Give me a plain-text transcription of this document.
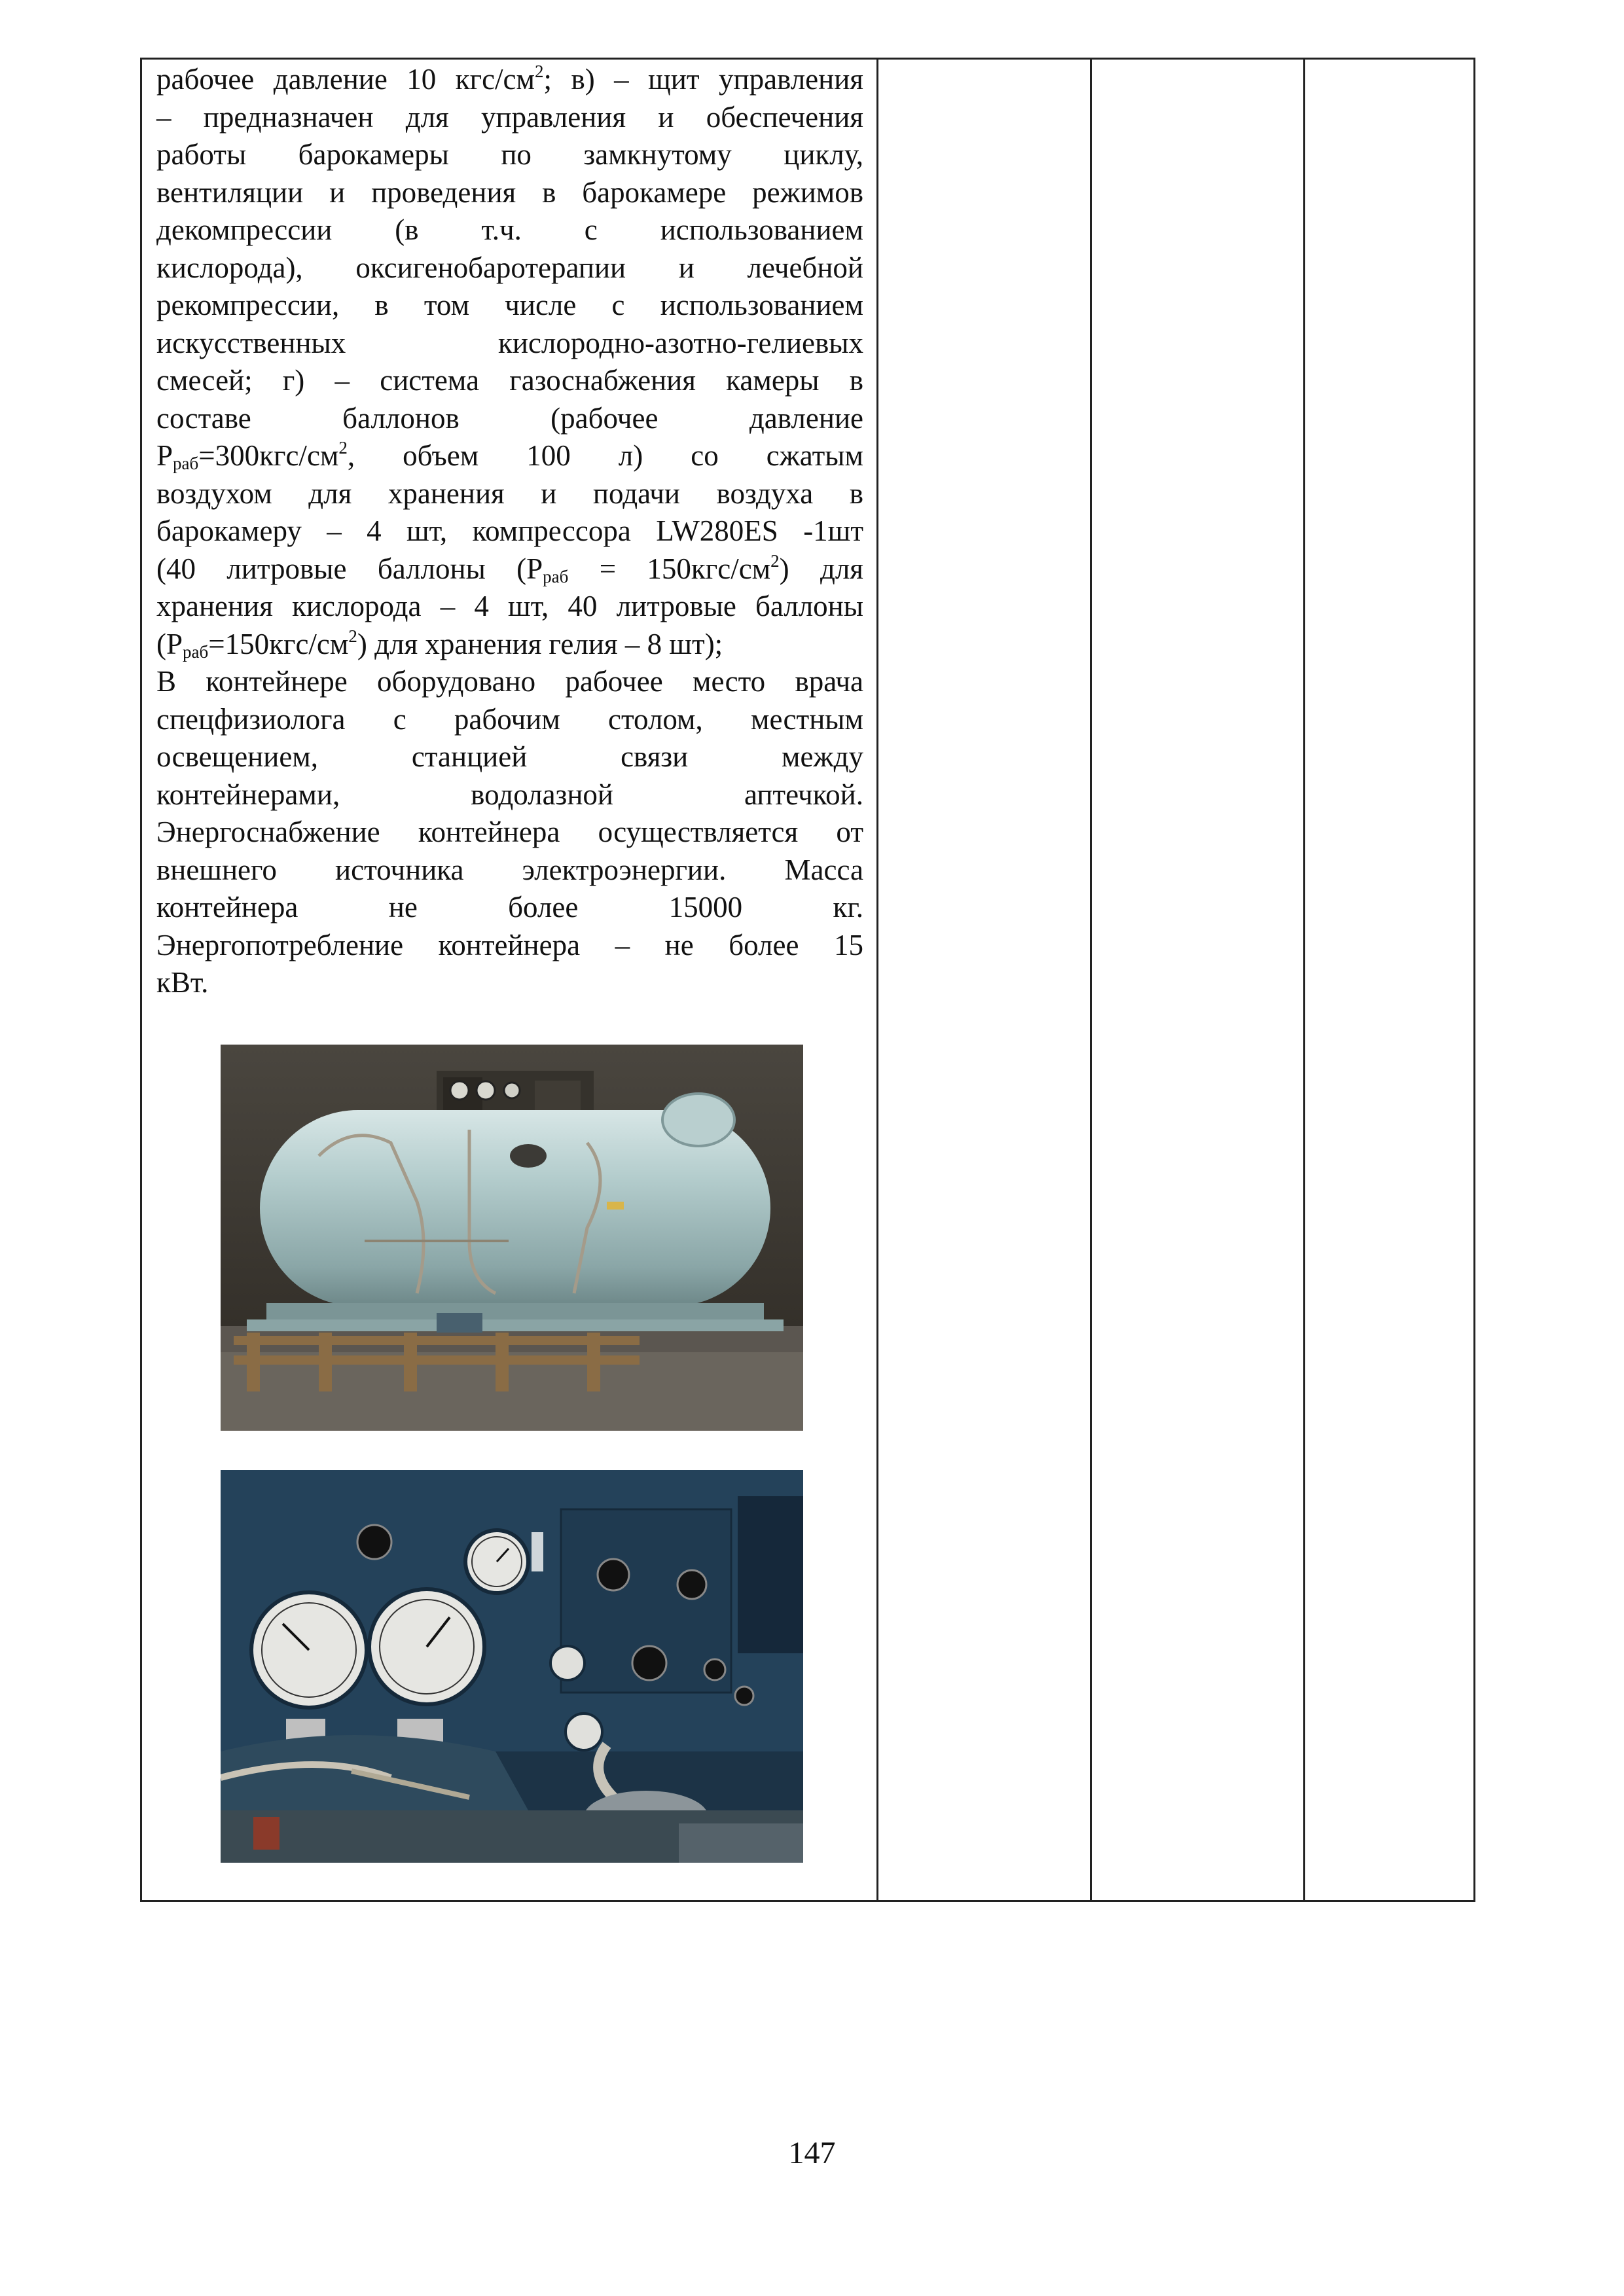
рабочее давление 10 кгс/$см^2$; в) – щит управления
– предназначен для управления и обеспечения
работы барокамеры по замкнутому циклу,
вентиляции и проведения в барокамере режимов
декомпрессии (в т.ч. с использованием
кислорода), оксигенобаротерапии и лечебной
рекомпрессии, в том числе с использованием
искусственных кислородно-азотно-гелиевых
смесей; г) – система газоснабжения камеры в
составе баллонов (рабочее давление
$Р_{раб}=300кгс/см^2$, объем 100 л) со сжатым
воздухом для хранения и подачи воздуха в
барокамеру – 4 шт, компрессора LW280ES -1шт
(40 литровые баллоны $(Р_{раб} = 150кгс/см^2)$ для
хранения кислорода – 4 шт, 40 литровые баллоны
$(Р_{раб}=150кгс/см^2)$ для хранения гелия – 8 шт);
В контейнере оборудовано рабочее место врача
спецфизиолога с рабочим столом, местным
освещением, станцией связи между
контейнерами, водолазной аптечкой.
Энергоснабжение контейнера осуществляется от
внешнего источника электроэнергии. Масса
контейнера не более 15000 кг.
Энергопотребление контейнера – не более 15
кВт.
147
